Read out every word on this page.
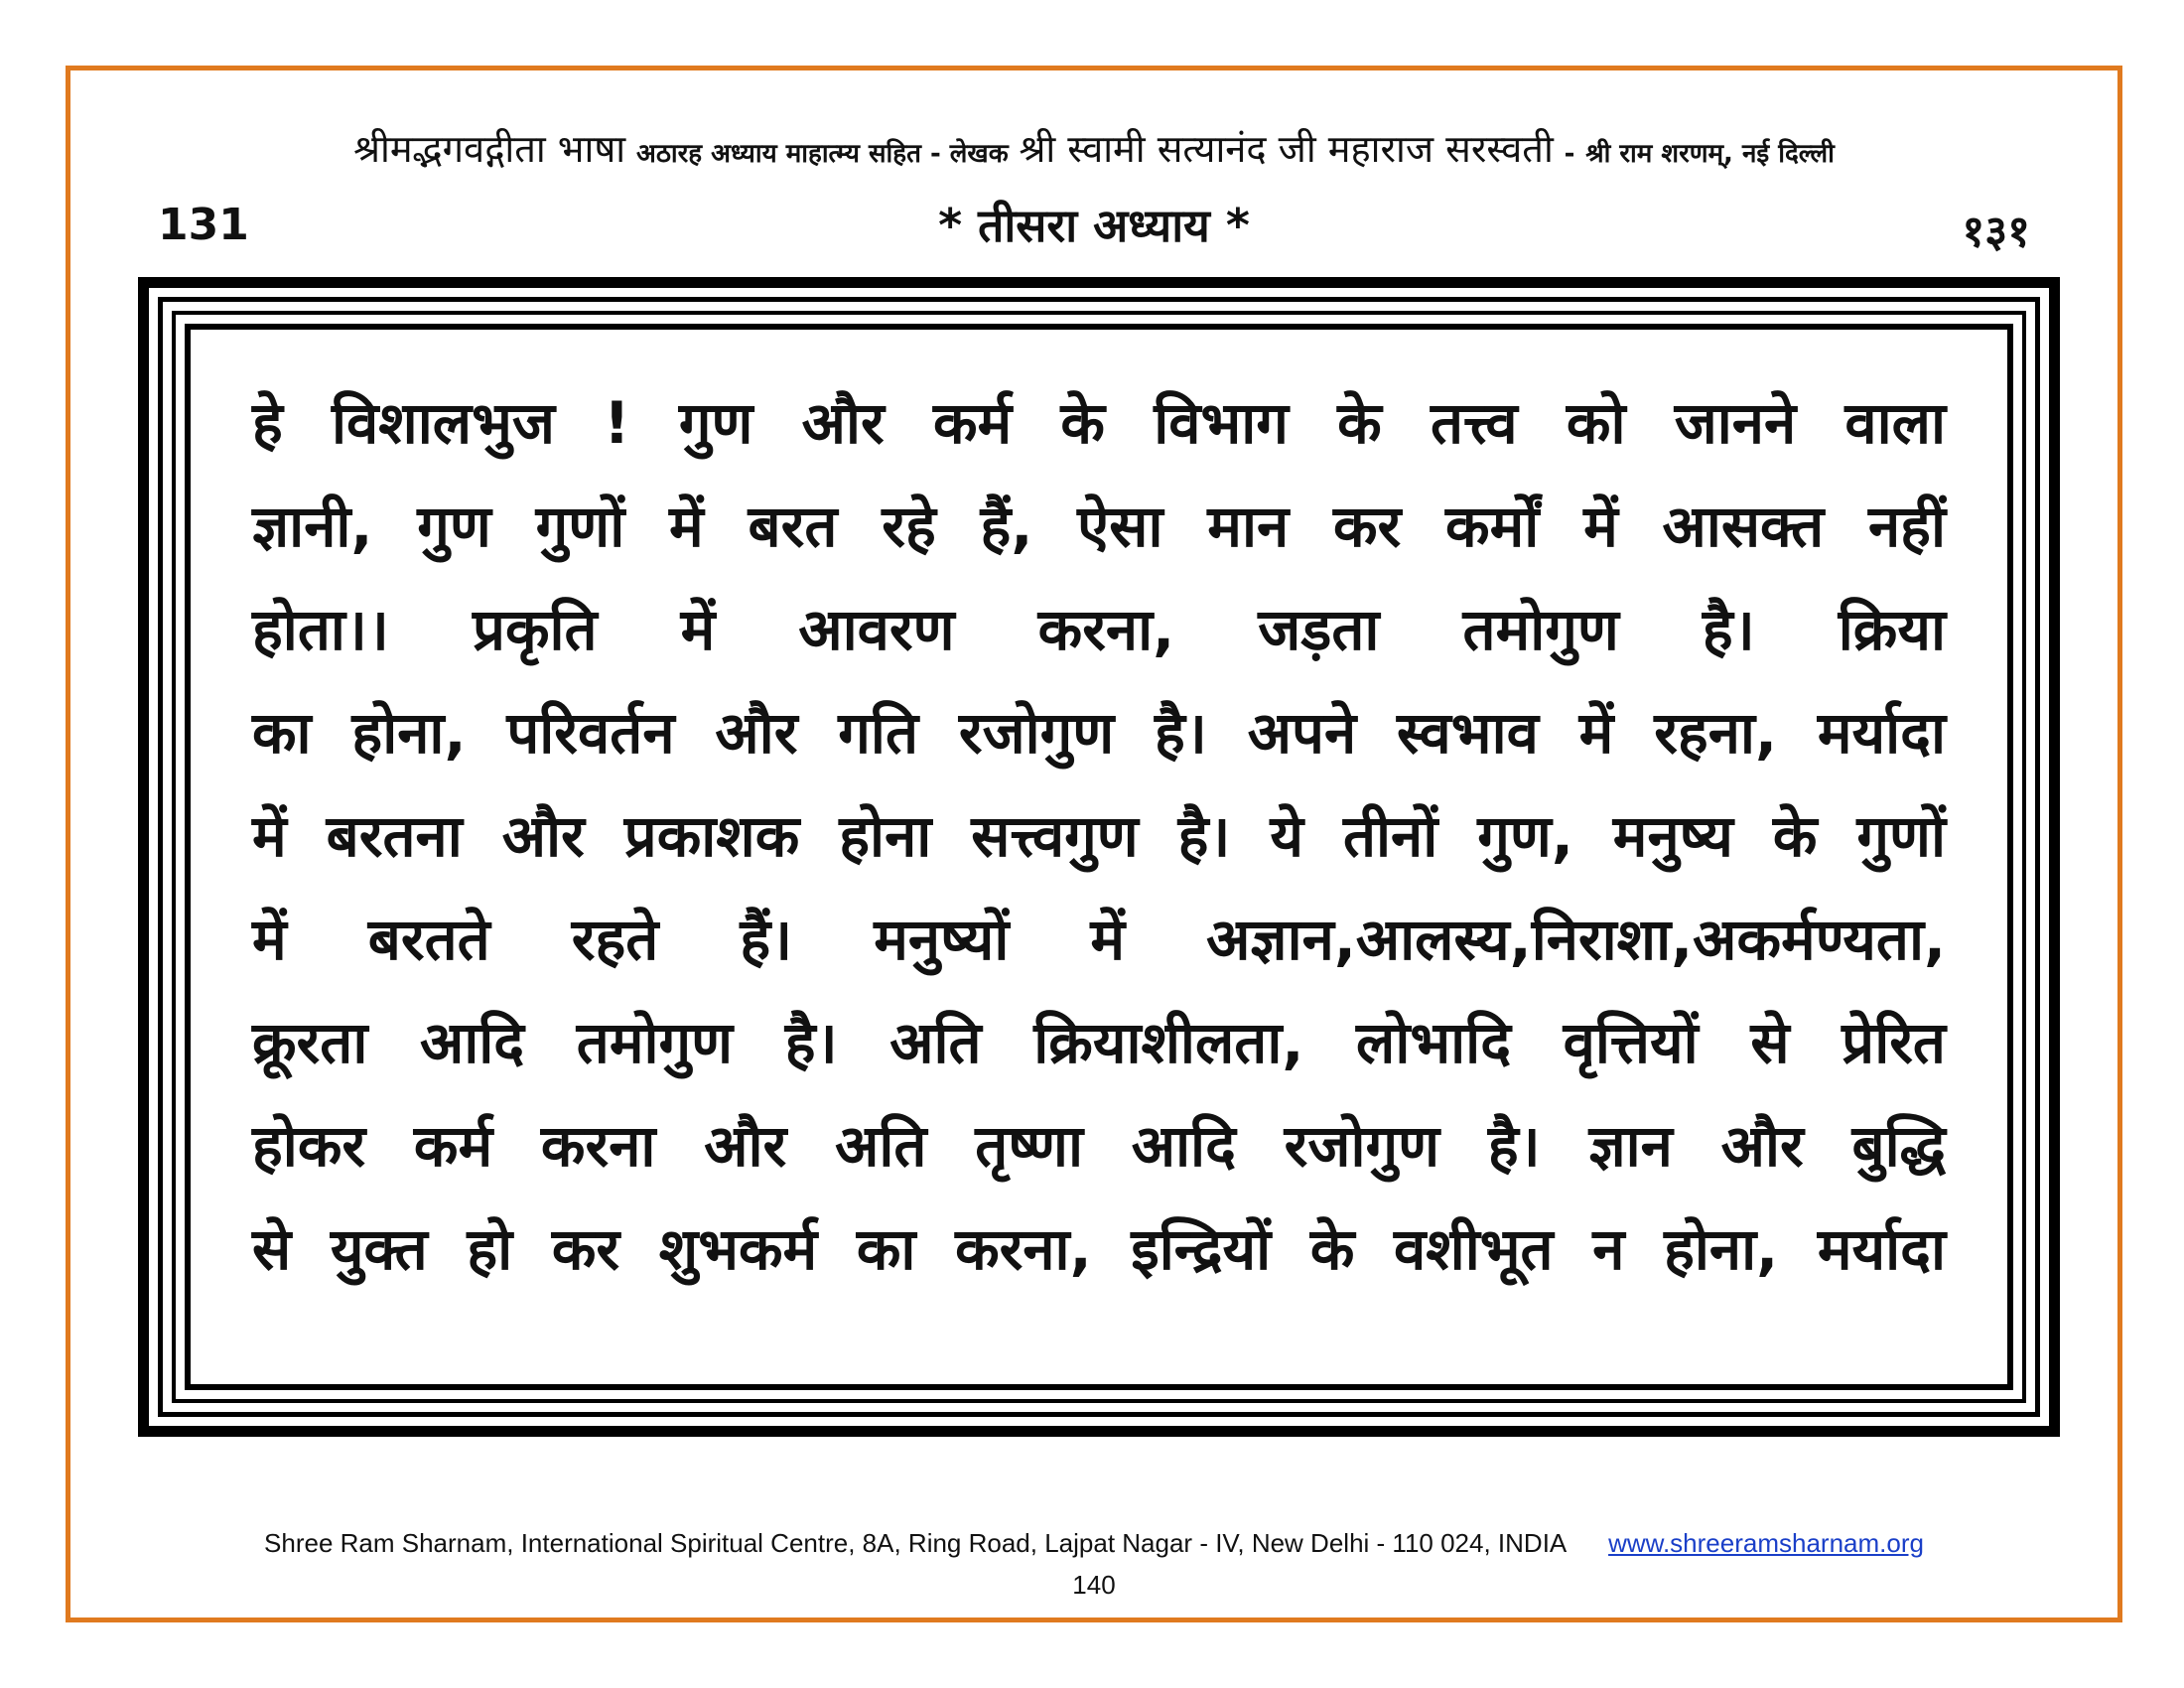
श्रीमद्भगवद्गीता भाषा अठारह अध्याय माहात्म्य सहित - लेखक श्री स्वामी सत्यानंद जी महाराज सरस्वती - श्री राम शरणम्, नई दिल्ली
131	* तीसरा अध्याय *	१३१
हे विशालभुज ! गुण और कर्म के विभाग के तत्त्व को जानने वाला
ज्ञानी, गुण गुणों में बरत रहे हैं, ऐसा मान कर कर्मों में आसक्त नहीं
होता।। प्रकृति में आवरण करना, जड़ता तमोगुण है। क्रिया
का होना, परिवर्तन और गति रजोगुण है। अपने स्वभाव में रहना, मर्यादा
में बरतना और प्रकाशक होना सत्त्वगुण है। ये तीनों गुण, मनुष्य के गुणों
में बरतते रहते हैं। मनुष्यों में अज्ञान,आलस्य,निराशा,अकर्मण्यता,
क्रूरता आदि तमोगुण है। अति क्रियाशीलता, लोभादि वृत्तियों से प्रेरित
होकर कर्म करना और अति तृष्णा आदि रजोगुण है। ज्ञान और बुद्धि
से युक्त हो कर शुभकर्म का करना, इन्द्रियों के वशीभूत न होना, मर्यादा
Shree Ram Sharnam, International Spiritual Centre, 8A, Ring Road, Lajpat Nagar - IV, New Delhi - 110 024, INDIA www.shreeramsharnam.org
140
